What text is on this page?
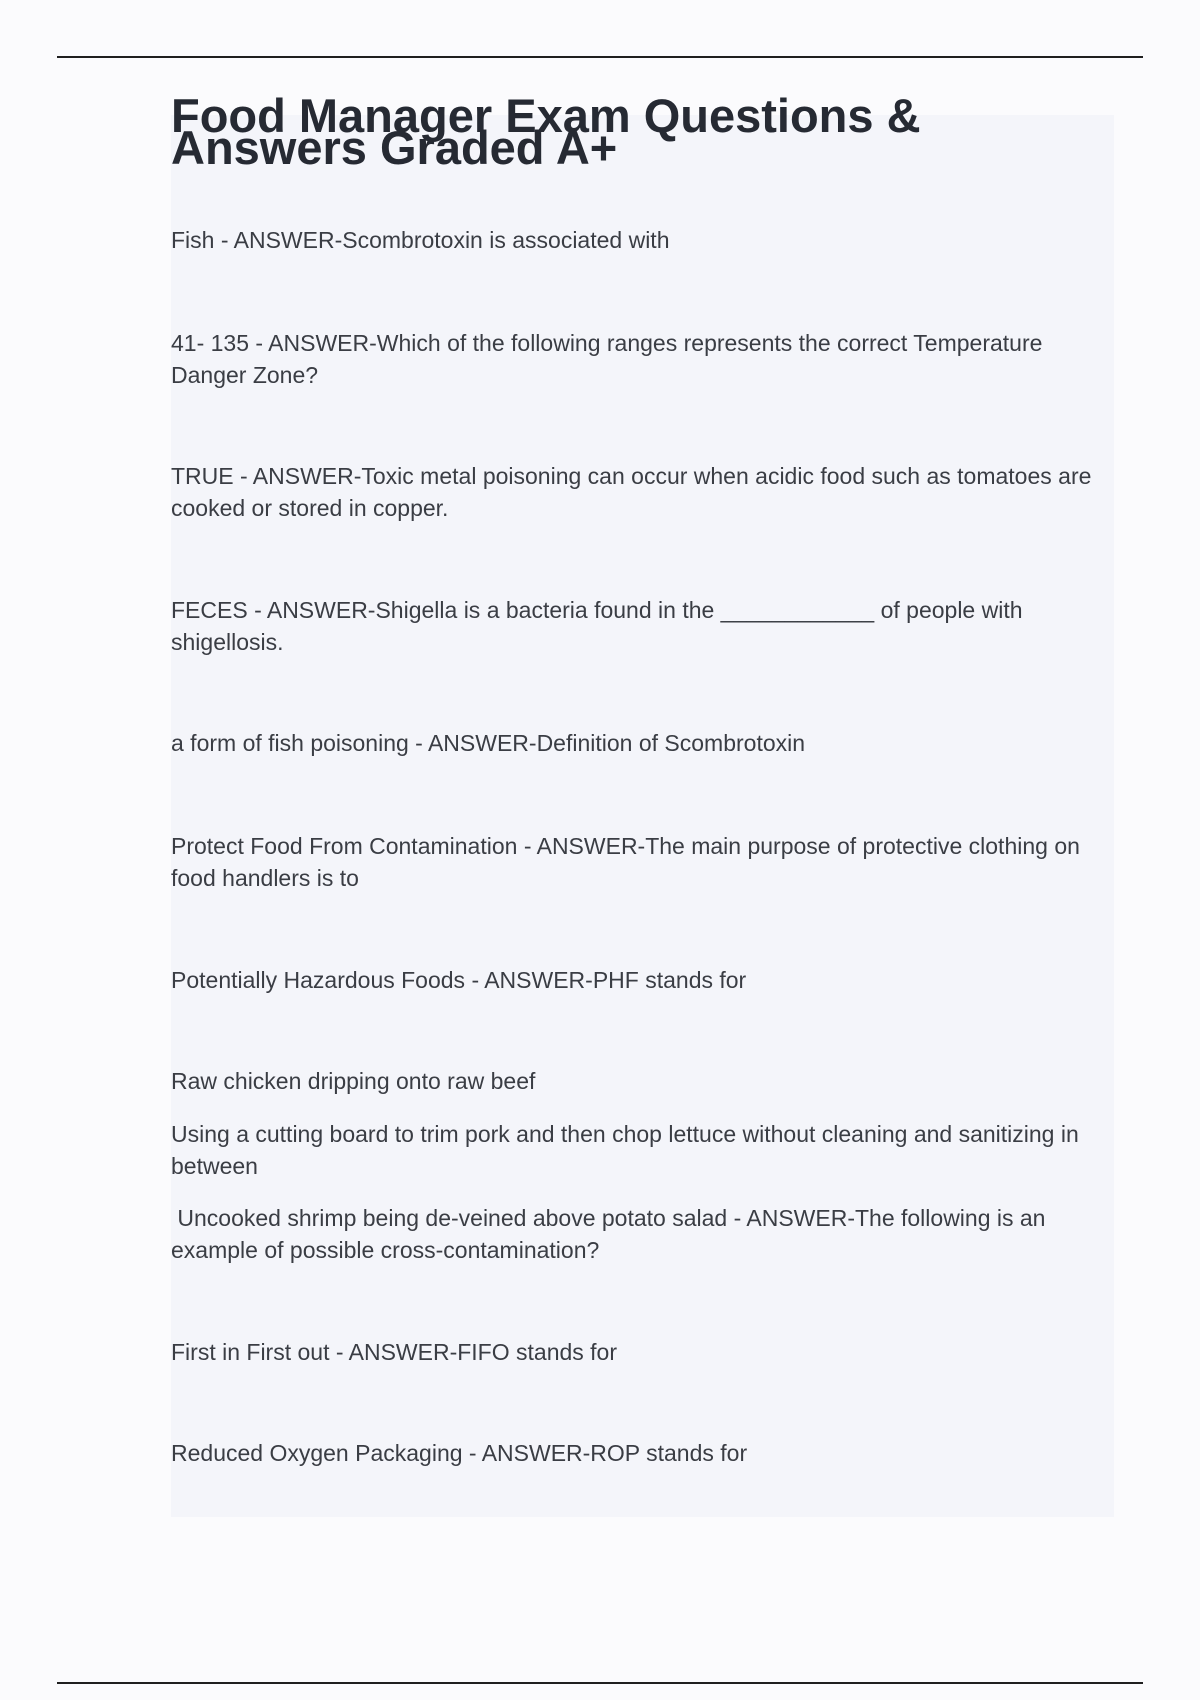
Food Manager Exam Questions & Answers Graded A+

Fish - ANSWER-Scombrotoxin is associated with

41- 135 - ANSWER-Which of the following ranges represents the correct Temperature Danger Zone?

TRUE - ANSWER-Toxic metal poisoning can occur when acidic food such as tomatoes are cooked or stored in copper.

FECES - ANSWER-Shigella is a bacteria found in the ____________ of people with shigellosis.

a form of fish poisoning - ANSWER-Definition of Scombrotoxin

Protect Food From Contamination - ANSWER-The main purpose of protective clothing on food handlers is to

Potentially Hazardous Foods - ANSWER-PHF stands for

Raw chicken dripping onto raw beef

Using a cutting board to trim pork and then chop lettuce without cleaning and sanitizing in between

Uncooked shrimp being de-veined above potato salad - ANSWER-The following is an example of possible cross-contamination?

First in First out - ANSWER-FIFO stands for

Reduced Oxygen Packaging - ANSWER-ROP stands for
